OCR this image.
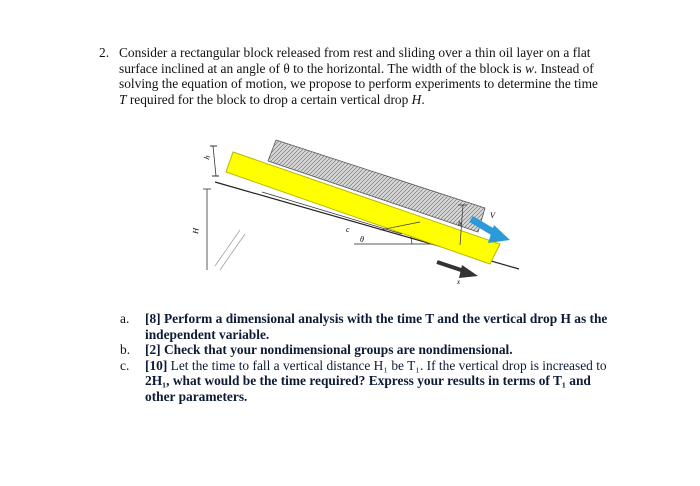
2. Consider a rectangular block released from rest and sliding over a thin oil layer on a flat surface inclined at an angle of θ to the horizontal. The width of the block is w. Instead of solving the equation of motion, we propose to perform experiments to determine the time T required for the block to drop a certain vertical drop H.
h
H	c
θ
b
V
x
a. [8] Perform a dimensional analysis with the time T and the vertical drop H as the independent variable.
b. [2] Check that your nondimensional groups are nondimensional.
c. [10] Let the time to fall a vertical distance H₁ be T₁. If the vertical drop is increased to 2H₁, what would be the time required? Express your results in terms of T₁ and other parameters.
